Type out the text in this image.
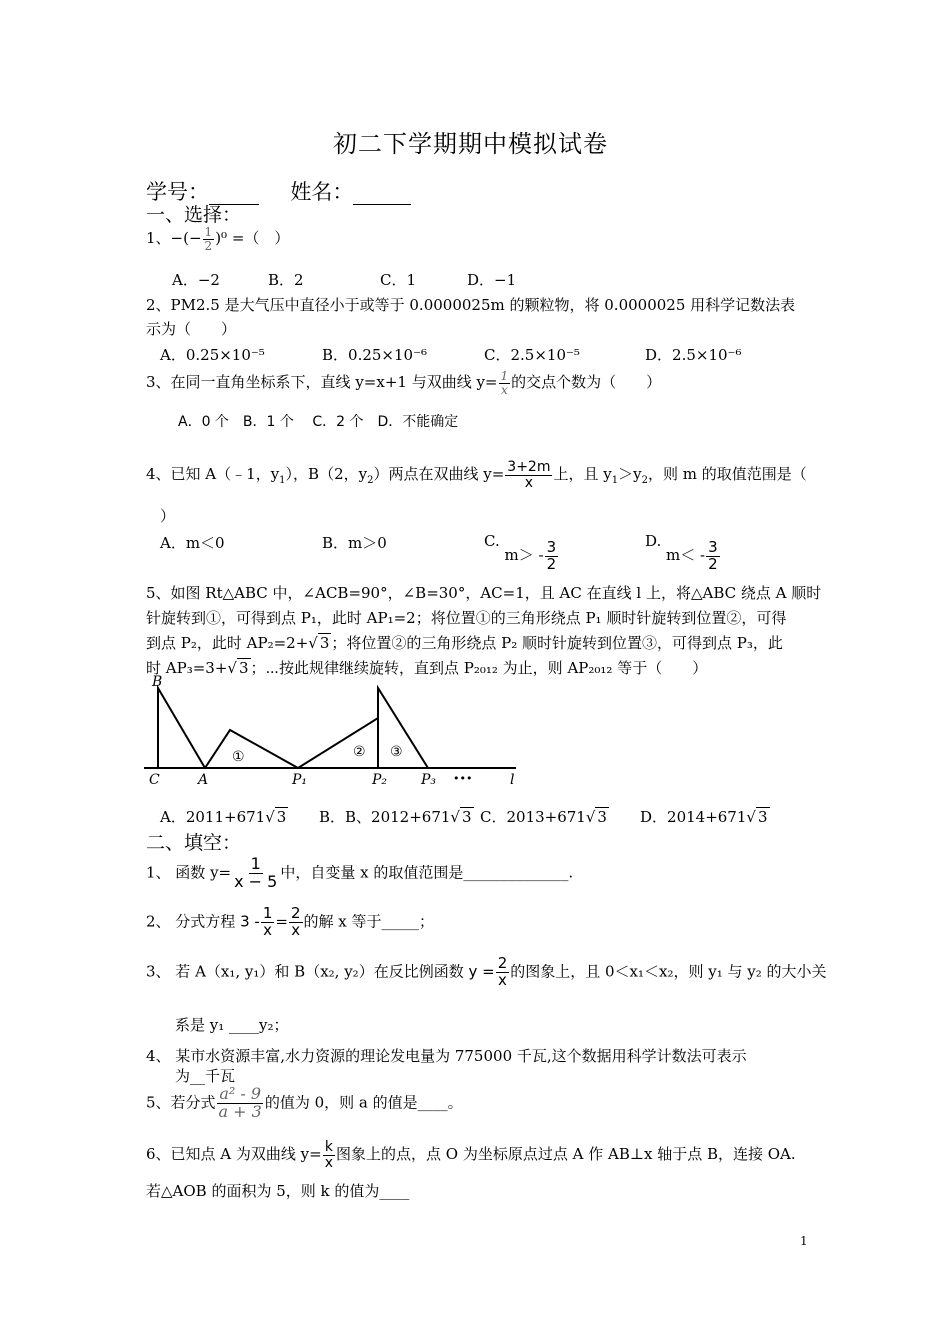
初二下学期期中模拟试卷
学号：	姓名：
一、选择：
1、−(− $\frac{1}{2} )^0$ =（　）
A．−2	B．2	C．1	D．−1
2、PM2.5 是大气压中直径小于或等于 0.0000025m 的颗粒物，将 0.0000025 用科学记数法表
示为（　　）
A．0.25×10⁻⁵	B．0.25×10⁻⁶	C．2.5×10⁻⁵	D．2.5×10⁻⁶
3、在同一直角坐标系下，直线 y=x+1 与双曲线 $y= \frac{1}{x}$ 的交点个数为（　　）
A．0 个　B．1 个　 C．2 个　D．不能确定
4、已知 A（﹣1，$y_1$），B（2，$y_2$）两点在双曲线 $y= \frac{3+2m}{x}$ 上，且 $y_1>y_2$，则 m 的取值范围是（
）
A．m＜0	B．m＞0	C. $m> - \frac{3}{2}$	D. $m< - \frac{3}{2}$
5、如图 Rt△ABC 中，∠ACB=90°，∠B=30°，AC=1，且 AC 在直线 l 上，将△ABC 绕点 A 顺时
针旋转到①，可得到点 P₁，此时 AP₁=2；将位置①的三角形绕点 P₁ 顺时针旋转到位置②，可得
到点 P₂，此时 AP₂=2+√ 3 ；将位置②的三角形绕点 P₂ 顺时针旋转到位置③，可得到点 P₃，此
时 AP₃=3+√ 3 ；⋯按此规律继续旋转，直到点 P₂₀₁₂ 为止，则 AP₂₀₁₂ 等于（　　）
B
C	A	P₁	P₂ P₃	l
①	② ③
•••
A．2011+671√ 3 B．B、2012+671√ 3 C．2013+671√ 3 D．2014+671√ 3
二、填空：
1、 函数 $y= \frac{1}{x - 5}$ 中，自变量 x 的取值范围是______________.
2、 分式方程 $3 - \frac{1}{x} = \frac{2}{x}$ 的解 x 等于_____；
3、 若 A（x₁, y₁）和 B（x₂, y₂）在反比例函数 $y = \frac{2}{x}$ 的图象上，且 0＜x₁＜x₂，则 y₁ 与 y₂ 的大小关
系是 y₁ ____y₂；
4、 某市水资源丰富,水力资源的理论发电量为 775000 千瓦,这个数据用科学计数法可表示
为__千瓦
5、若分式 $\frac{\text{a² - 9}}{a + 3}$ 的值为 0，则 a 的值是____。
6、已知点 A 为双曲线 $y= \frac{k}{x}$ 图象上的点，点 O 为坐标原点过点 A 作 AB⊥x 轴于点 B，连接 OA.
若△AOB 的面积为 5，则 k 的值为____
1
